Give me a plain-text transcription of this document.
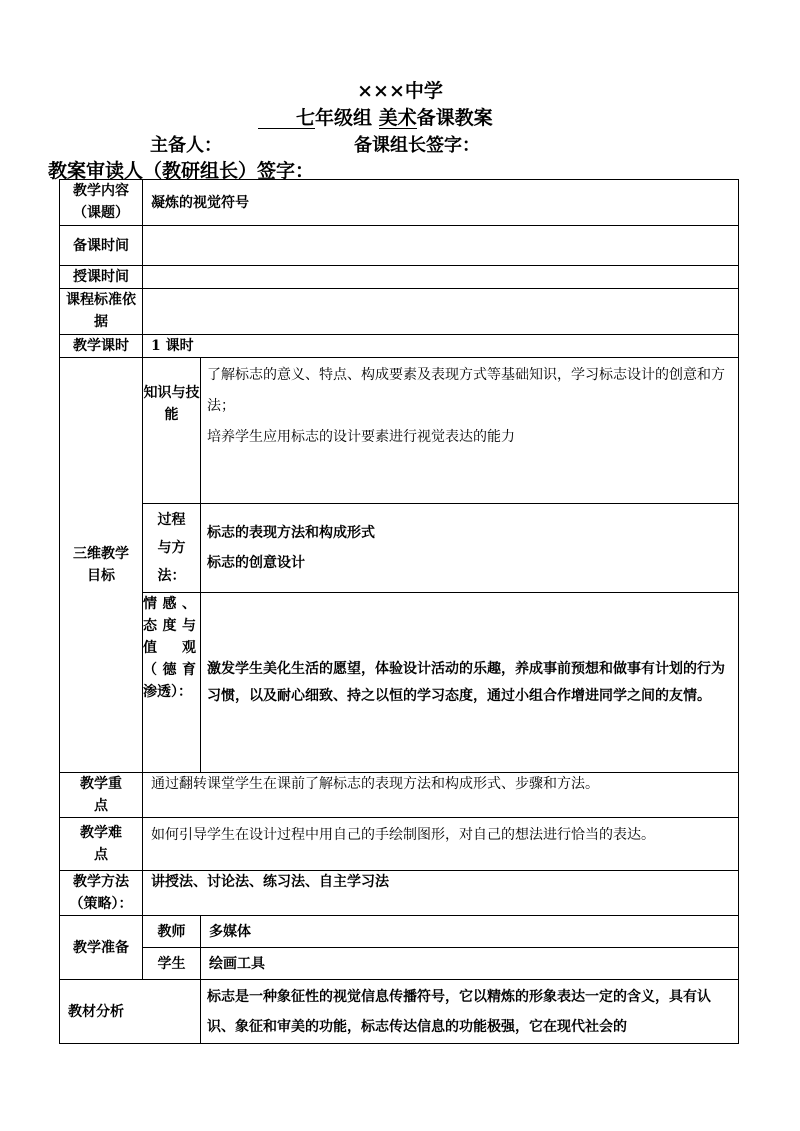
×××中学
　　七年级组 美术备课教案
主备人：	备课组长签字：
教案审读人（教研组长）签字：
教学内容（课题）	凝炼的视觉符号	
备课时间		
授课时间		
课程标准依据		
教学课时	1 课时	
三维教学目标	知识与技能	了解标志的意义、特点、构成要素及表现方式等基础知识，学习标志设计的创意和方法；

培养学生应用标志的设计要素进行视觉表达的能力

	过程与方法：	标志的表现方法和构成形式

标志的创意设计

	情感、态度与值观（德育渗透）：	激发学生美化生活的愿望，体验设计活动的乐趣，养成事前预想和做事有计划的行为习惯，以及耐心细致、持之以恒的学习态度，通过小组合作增进同学之间的友情。
教学重点	通过翻转课堂学生在课前了解标志的表现方法和构成形式、步骤和方法。	
教学难点	如何引导学生在设计过程中用自己的手绘制图形，对自己的想法进行恰当的表达。	
教学方法（策略）：	讲授法、讨论法、练习法、自主学习法	
教学准备	教师	多媒体
	学生	绘画工具
教材分析		标志是一种象征性的视觉信息传播符号，它以精炼的形象表达一定的含义，具有认识、象征和审美的功能，标志传达信息的功能极强，它在现代社会的
